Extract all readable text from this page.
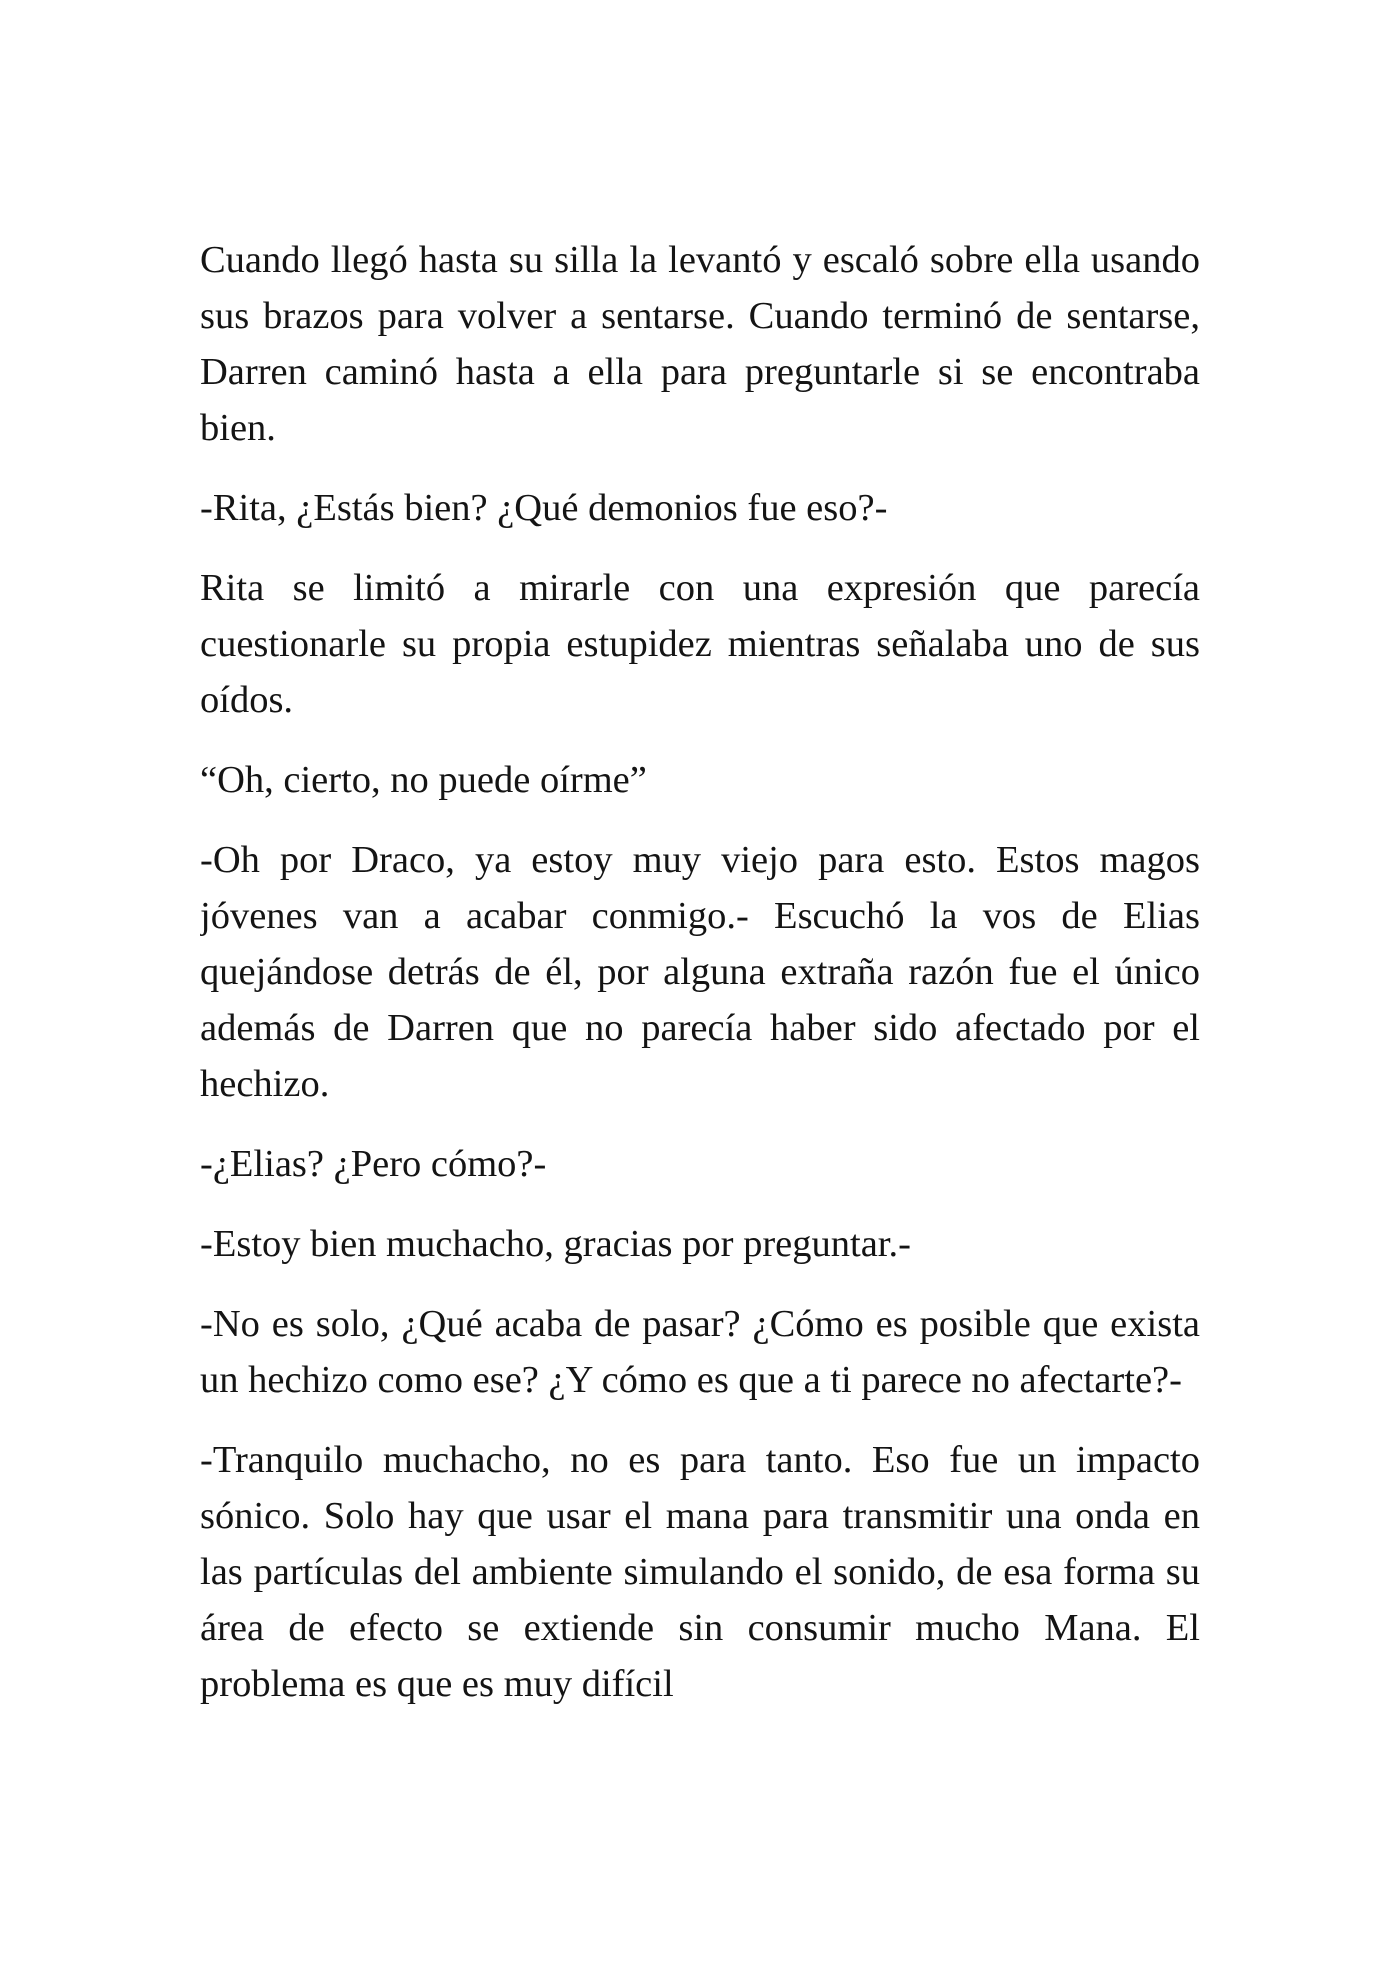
Cuando llegó hasta su silla la levantó y escaló sobre ella usando sus brazos para volver a sentarse. Cuando terminó de sentarse, Darren caminó hasta a ella para preguntarle si se encontraba bien.

-Rita, ¿Estás bien? ¿Qué demonios fue eso?-

Rita se limitó a mirarle con una expresión que parecía cuestionarle su propia estupidez mientras señalaba uno de sus oídos.

“Oh, cierto, no puede oírme”

-Oh por Draco, ya estoy muy viejo para esto. Estos magos jóvenes van a acabar conmigo.- Escuchó la vos de Elias quejándose detrás de él, por alguna extraña razón fue el único además de Darren que no parecía haber sido afectado por el hechizo.

-¿Elias? ¿Pero cómo?-

-Estoy bien muchacho, gracias por preguntar.-

-No es solo, ¿Qué acaba de pasar? ¿Cómo es posible que exista un hechizo como ese? ¿Y cómo es que a ti parece no afectarte?-

-Tranquilo muchacho, no es para tanto. Eso fue un impacto sónico. Solo hay que usar el mana para transmitir una onda en las partículas del ambiente simulando el sonido, de esa forma su área de efecto se extiende sin consumir mucho Mana. El problema es que es muy difícil
